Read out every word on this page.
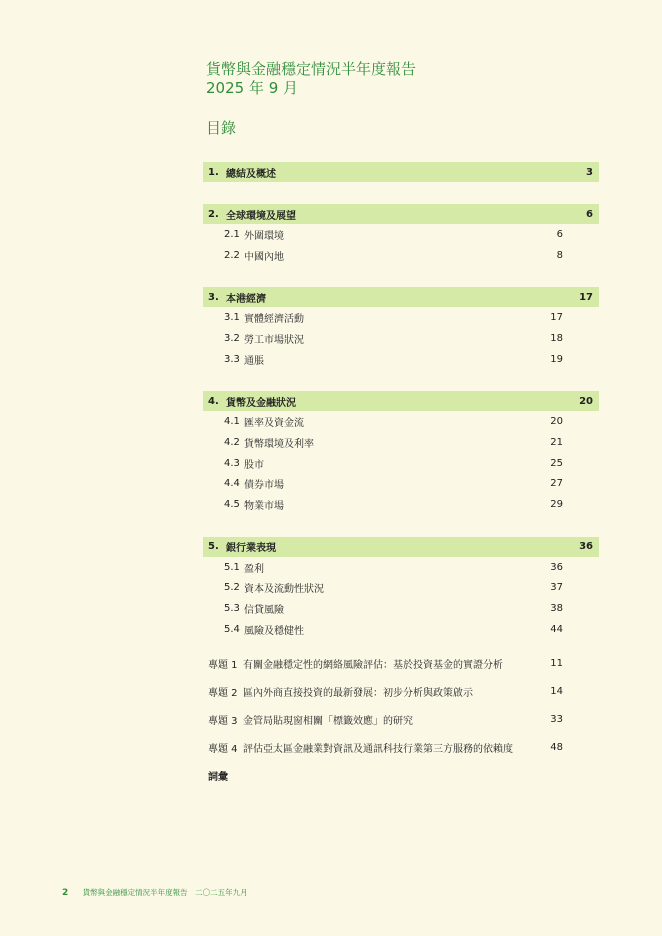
貨幣與金融穩定情況半年度報告
2025 年 9 月
目錄
1. 總結及概述	3
2. 全球環境及展望	6
2.1 外圍環境	6
2.2 中國內地	8
3. 本港經濟	17
3.1 實體經濟活動	17
3.2 勞工市場狀況	18
3.3 通脹	19
4. 貨幣及金融狀況	20
4.1 匯率及資金流	20
4.2 貨幣環境及利率	21
4.3 股市	25
4.4 債券市場	27
4.5 物業市場	29
5. 銀行業表現	36
5.1 盈利	36
5.2 資本及流動性狀況	37
5.3 信貸風險	38
5.4 風險及穩健性	44
專題 1 有關金融穩定性的網絡風險評估：基於投資基金的實證分析	11
專題 2 區內外商直接投資的最新發展：初步分析與政策啟示	14
專題 3 金管局貼現窗相關「標籤效應」的研究	33
專題 4 評估亞太區金融業對資訊及通訊科技行業第三方服務的依賴度	48
詞彙
2 貨幣與金融穩定情況半年度報告　二〇二五年九月
